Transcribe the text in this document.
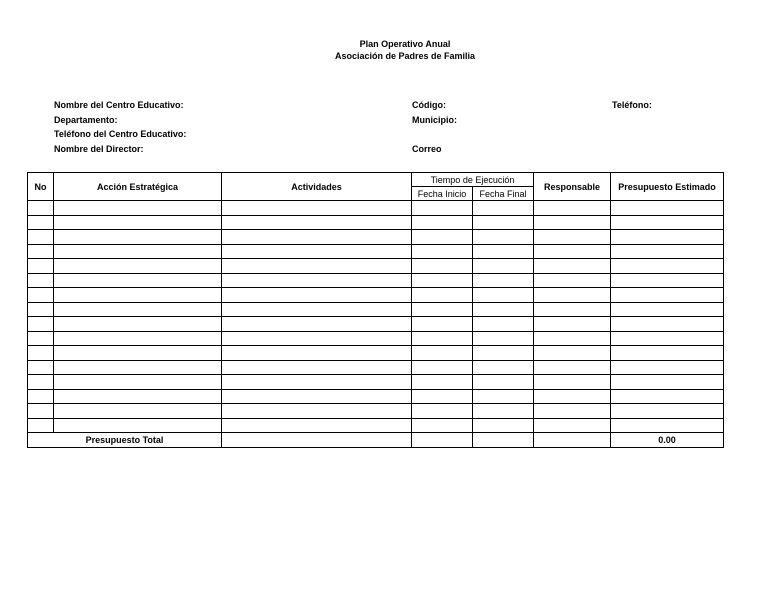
Plan Operativo Anual
Asociación de Padres de Familia
Nombre del Centro Educativo:
Departamento:
Teléfono del Centro Educativo:
Nombre del Director:
Código:
Municipio:
Correo
Teléfono:
No	Acción Estratégica	Actividades	Tiempo de Ejecución		Responsable	Presupuesto Estimado
			Fecha Inicio	Fecha Final		

Presupuesto Total						0.00
